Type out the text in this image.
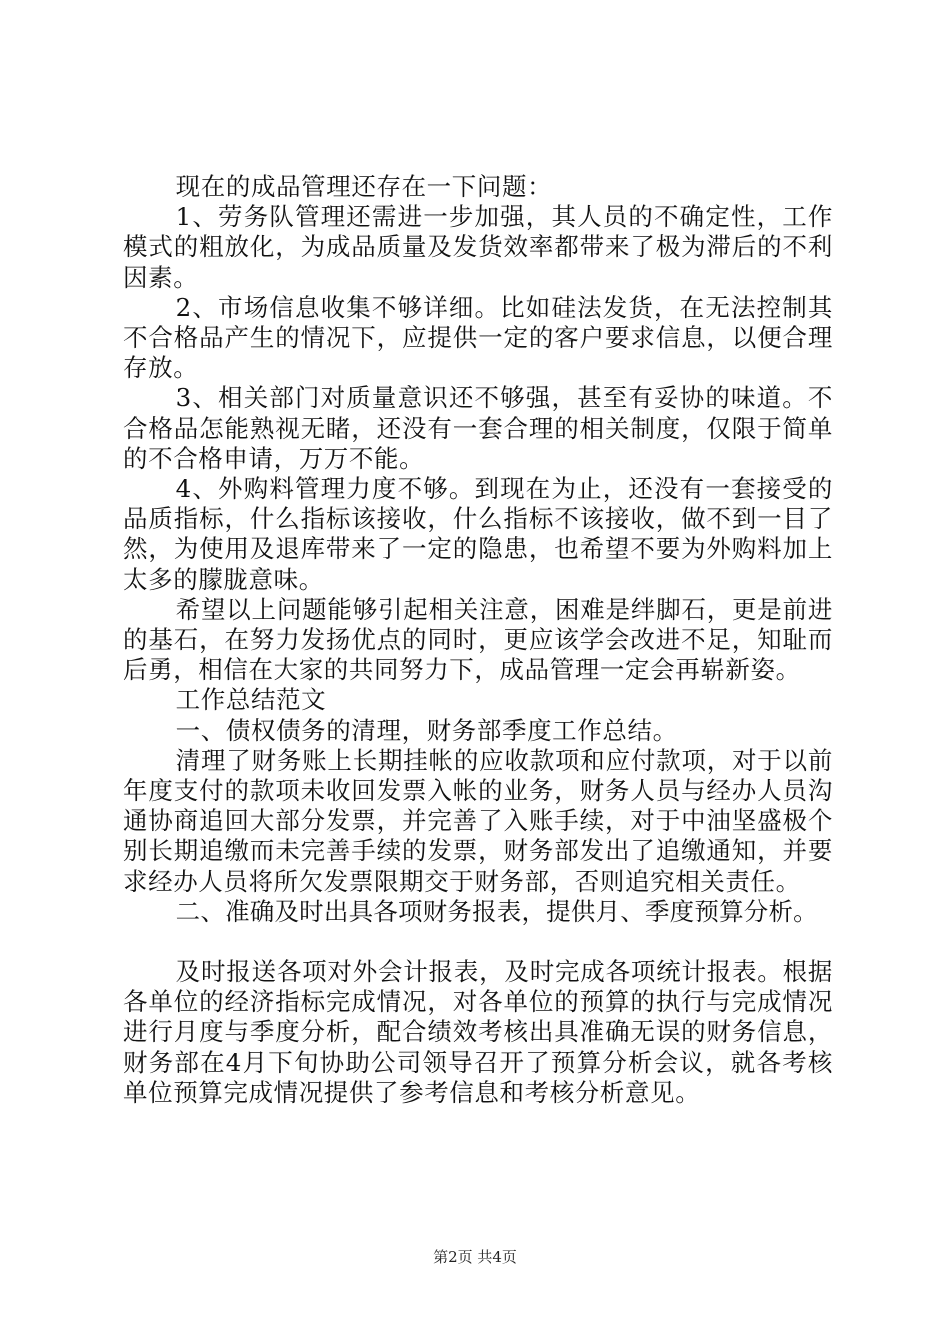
现在的成品管理还存在一下问题：

1、劳务队管理还需进一步加强，其人员的不确定性，工作模式的粗放化，为成品质量及发货效率都带来了极为滞后的不利因素。

2、市场信息收集不够详细。比如硅法发货，在无法控制其不合格品产生的情况下，应提供一定的客户要求信息，以便合理存放。

3、相关部门对质量意识还不够强，甚至有妥协的味道。不合格品怎能熟视无睹，还没有一套合理的相关制度，仅限于简单的不合格申请，万万不能。

4、外购料管理力度不够。到现在为止，还没有一套接受的品质指标，什么指标该接收，什么指标不该接收，做不到一目了然，为使用及退库带来了一定的隐患，也希望不要为外购料加上太多的朦胧意味。

希望以上问题能够引起相关注意，困难是绊脚石，更是前进的基石，在努力发扬优点的同时，更应该学会改进不足，知耻而后勇，相信在大家的共同努力下，成品管理一定会再崭新姿。

工作总结范文

一、债权债务的清理，财务部季度工作总结。

清理了财务账上长期挂帐的应收款项和应付款项，对于以前年度支付的款项未收回发票入帐的业务，财务人员与经办人员沟通协商追回大部分发票，并完善了入账手续，对于中油坚盛极个别长期追缴而未完善手续的发票，财务部发出了追缴通知，并要求经办人员将所欠发票限期交于财务部，否则追究相关责任。

二、准确及时出具各项财务报表，提供月、季度预算分析。

及时报送各项对外会计报表，及时完成各项统计报表。根据各单位的经济指标完成情况，对各单位的预算的执行与完成情况进行月度与季度分析，配合绩效考核出具准确无误的财务信息，财务部在4月下旬协助公司领导召开了预算分析会议，就各考核单位预算完成情况提供了参考信息和考核分析意见。

第2页 共4页
